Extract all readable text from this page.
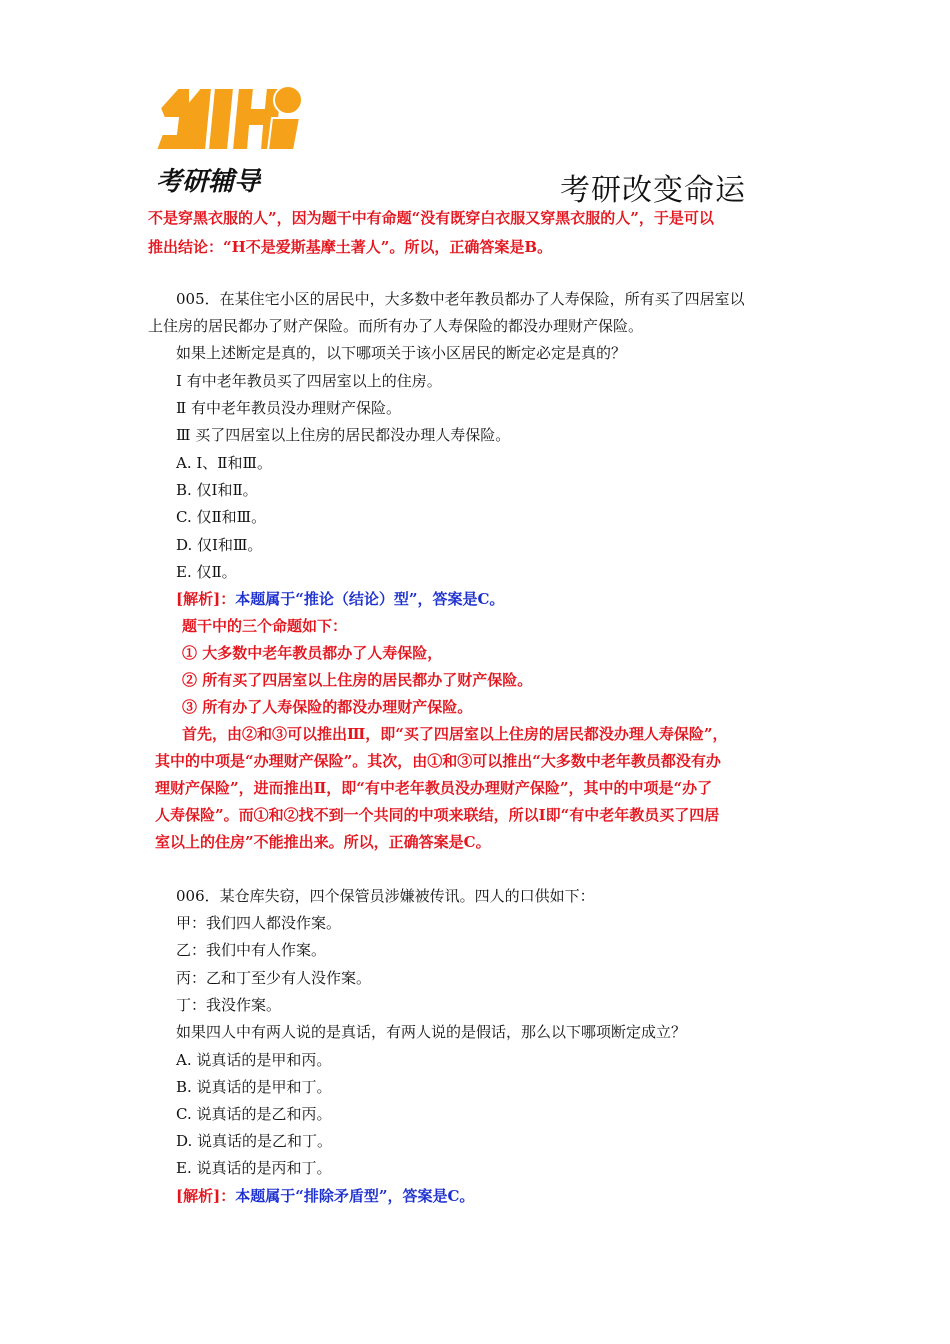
考研辅导	考研改变命运
不是穿黑衣服的人”，因为题干中有命题“没有既穿白衣服又穿黑衣服的人”，于是可以
推出结论：“H不是爱斯基摩土著人”。所以，正确答案是B。
005．在某住宅小区的居民中，大多数中老年教员都办了人寿保险，所有买了四居室以
上住房的居民都办了财产保险。而所有办了人寿保险的都没办理财产保险。
如果上述断定是真的，以下哪项关于该小区居民的断定必定是真的？
Ⅰ 有中老年教员买了四居室以上的住房。
Ⅱ 有中老年教员没办理财产保险。
Ⅲ 买了四居室以上住房的居民都没办理人寿保险。
A. Ⅰ、Ⅱ和Ⅲ。
B. 仅Ⅰ和Ⅱ。
C. 仅Ⅱ和Ⅲ。
D. 仅Ⅰ和Ⅲ。
E. 仅Ⅱ。
[解析]：本题属于“推论（结论）型”，答案是C。
题干中的三个命题如下：
① 大多数中老年教员都办了人寿保险，
② 所有买了四居室以上住房的居民都办了财产保险。
③ 所有办了人寿保险的都没办理财产保险。
首先，由②和③可以推出Ⅲ，即“买了四居室以上住房的居民都没办理人寿保险”，
其中的中项是“办理财产保险”。其次，由①和③可以推出“大多数中老年教员都没有办
理财产保险”，进而推出Ⅱ，即“有中老年教员没办理财产保险”，其中的中项是“办了
人寿保险”。而①和②找不到一个共同的中项来联结，所以Ⅰ即“有中老年教员买了四居
室以上的住房”不能推出来。所以，正确答案是C。
006．某仓库失窃，四个保管员涉嫌被传讯。四人的口供如下：
甲：我们四人都没作案。
乙：我们中有人作案。
丙：乙和丁至少有人没作案。
丁：我没作案。
如果四人中有两人说的是真话，有两人说的是假话，那么以下哪项断定成立？
A. 说真话的是甲和丙。
B. 说真话的是甲和丁。
C. 说真话的是乙和丙。
D. 说真话的是乙和丁。
E. 说真话的是丙和丁。
[解析]：本题属于“排除矛盾型”，答案是C。
